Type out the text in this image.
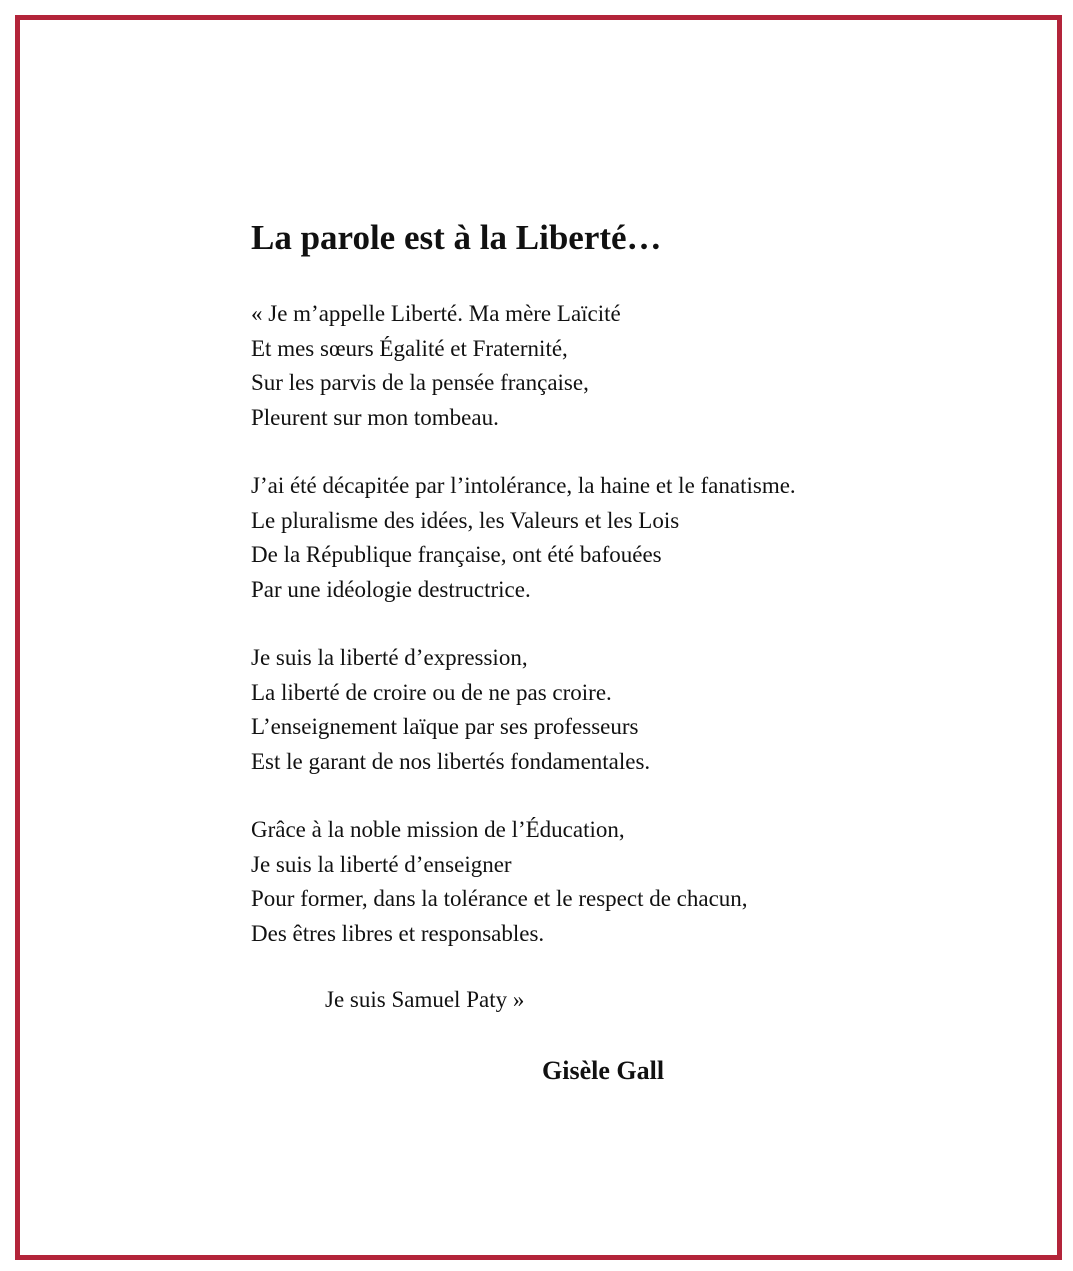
La parole est à la Liberté…
« Je m’appelle Liberté. Ma mère Laïcité
Et mes sœurs Égalité et Fraternité,
Sur les parvis de la pensée française,
Pleurent sur mon tombeau.
J’ai été décapitée par l’intolérance, la haine et le fanatisme.
Le pluralisme des idées, les Valeurs et les Lois
De la République française, ont été bafouées
Par une idéologie destructrice.
Je suis la liberté d’expression,
La liberté de croire ou de ne pas croire.
L’enseignement laïque par ses professeurs
Est le garant de nos libertés fondamentales.
Grâce à la noble mission de l’Éducation,
Je suis la liberté d’enseigner
Pour former, dans la tolérance et le respect de chacun,
Des êtres libres et responsables.
Je suis Samuel Paty »
Gisèle Gall
